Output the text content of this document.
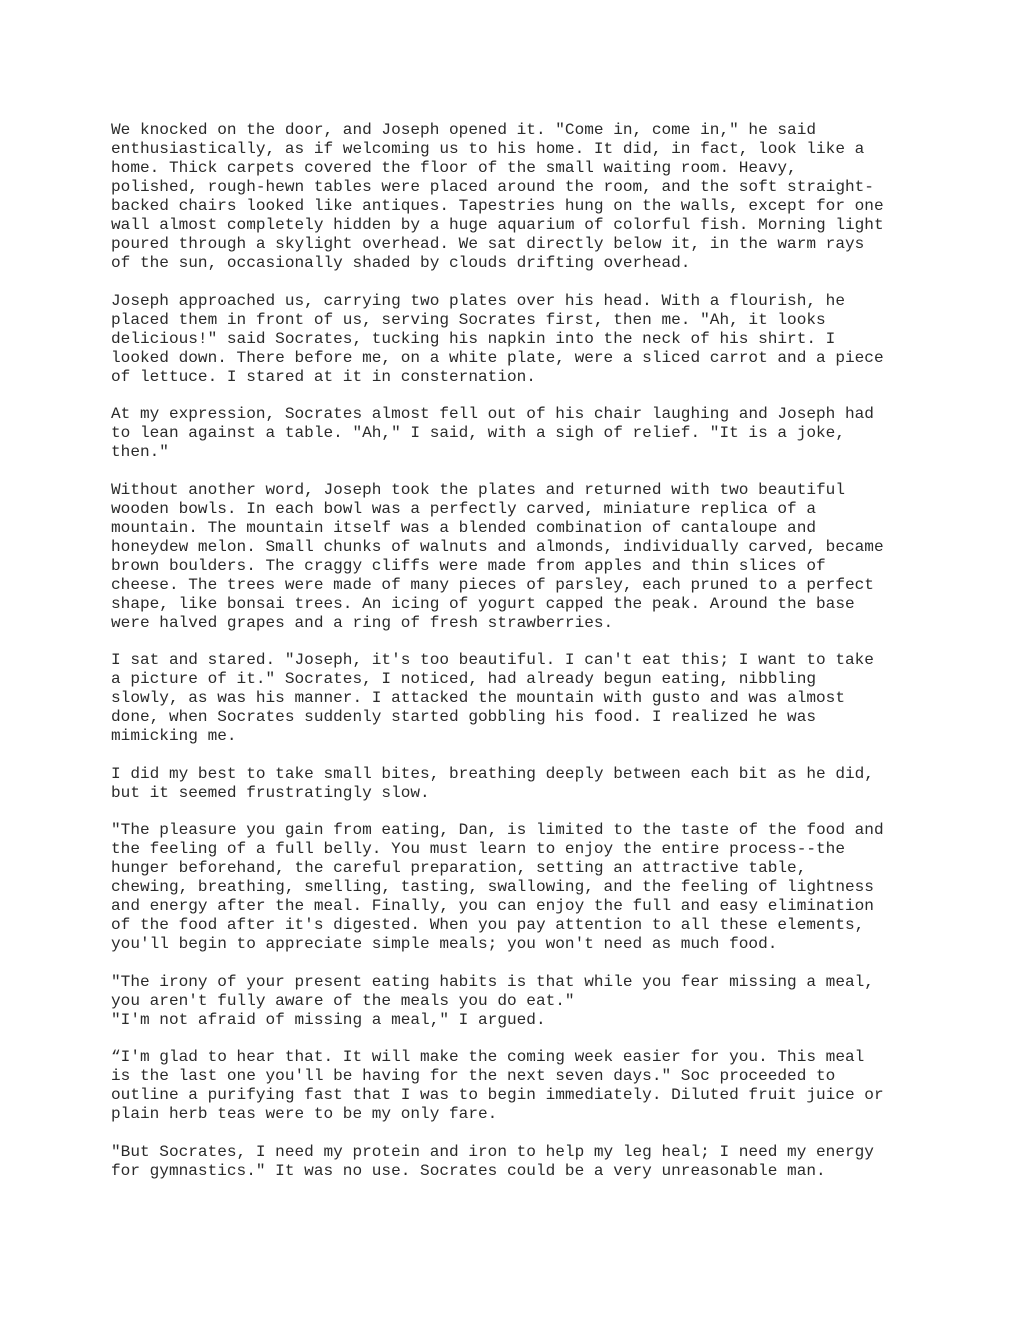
We knocked on the door, and Joseph opened it. "Come in, come in," he said
enthusiastically, as if welcoming us to his home. It did, in fact, look like a
home. Thick carpets covered the floor of the small waiting room. Heavy,
polished, rough-hewn tables were placed around the room, and the soft straight-
backed chairs looked like antiques. Tapestries hung on the walls, except for one
wall almost completely hidden by a huge aquarium of colorful fish. Morning light
poured through a skylight overhead. We sat directly below it, in the warm rays
of the sun, occasionally shaded by clouds drifting overhead.

Joseph approached us, carrying two plates over his head. With a flourish, he
placed them in front of us, serving Socrates first, then me. "Ah, it looks
delicious!" said Socrates, tucking his napkin into the neck of his shirt. I
looked down. There before me, on a white plate, were a sliced carrot and a piece
of lettuce. I stared at it in consternation.

At my expression, Socrates almost fell out of his chair laughing and Joseph had
to lean against a table. "Ah," I said, with a sigh of relief. "It is a joke,
then."

Without another word, Joseph took the plates and returned with two beautiful
wooden bowls. In each bowl was a perfectly carved, miniature replica of a
mountain. The mountain itself was a blended combination of cantaloupe and
honeydew melon. Small chunks of walnuts and almonds, individually carved, became
brown boulders. The craggy cliffs were made from apples and thin slices of
cheese. The trees were made of many pieces of parsley, each pruned to a perfect
shape, like bonsai trees. An icing of yogurt capped the peak. Around the base
were halved grapes and a ring of fresh strawberries.

I sat and stared. "Joseph, it's too beautiful. I can't eat this; I want to take
a picture of it." Socrates, I noticed, had already begun eating, nibbling
slowly, as was his manner. I attacked the mountain with gusto and was almost
done, when Socrates suddenly started gobbling his food. I realized he was
mimicking me.

I did my best to take small bites, breathing deeply between each bit as he did,
but it seemed frustratingly slow.

"The pleasure you gain from eating, Dan, is limited to the taste of the food and
the feeling of a full belly. You must learn to enjoy the entire process--the
hunger beforehand, the careful preparation, setting an attractive table,
chewing, breathing, smelling, tasting, swallowing, and the feeling of lightness
and energy after the meal. Finally, you can enjoy the full and easy elimination
of the food after it's digested. When you pay attention to all these elements,
you'll begin to appreciate simple meals; you won't need as much food.

"The irony of your present eating habits is that while you fear missing a meal,
you aren't fully aware of the meals you do eat."
"I'm not afraid of missing a meal," I argued.

“I'm glad to hear that. It will make the coming week easier for you. This meal
is the last one you'll be having for the next seven days." Soc proceeded to
outline a purifying fast that I was to begin immediately. Diluted fruit juice or
plain herb teas were to be my only fare.

"But Socrates, I need my protein and iron to help my leg heal; I need my energy
for gymnastics." It was no use. Socrates could be a very unreasonable man.
